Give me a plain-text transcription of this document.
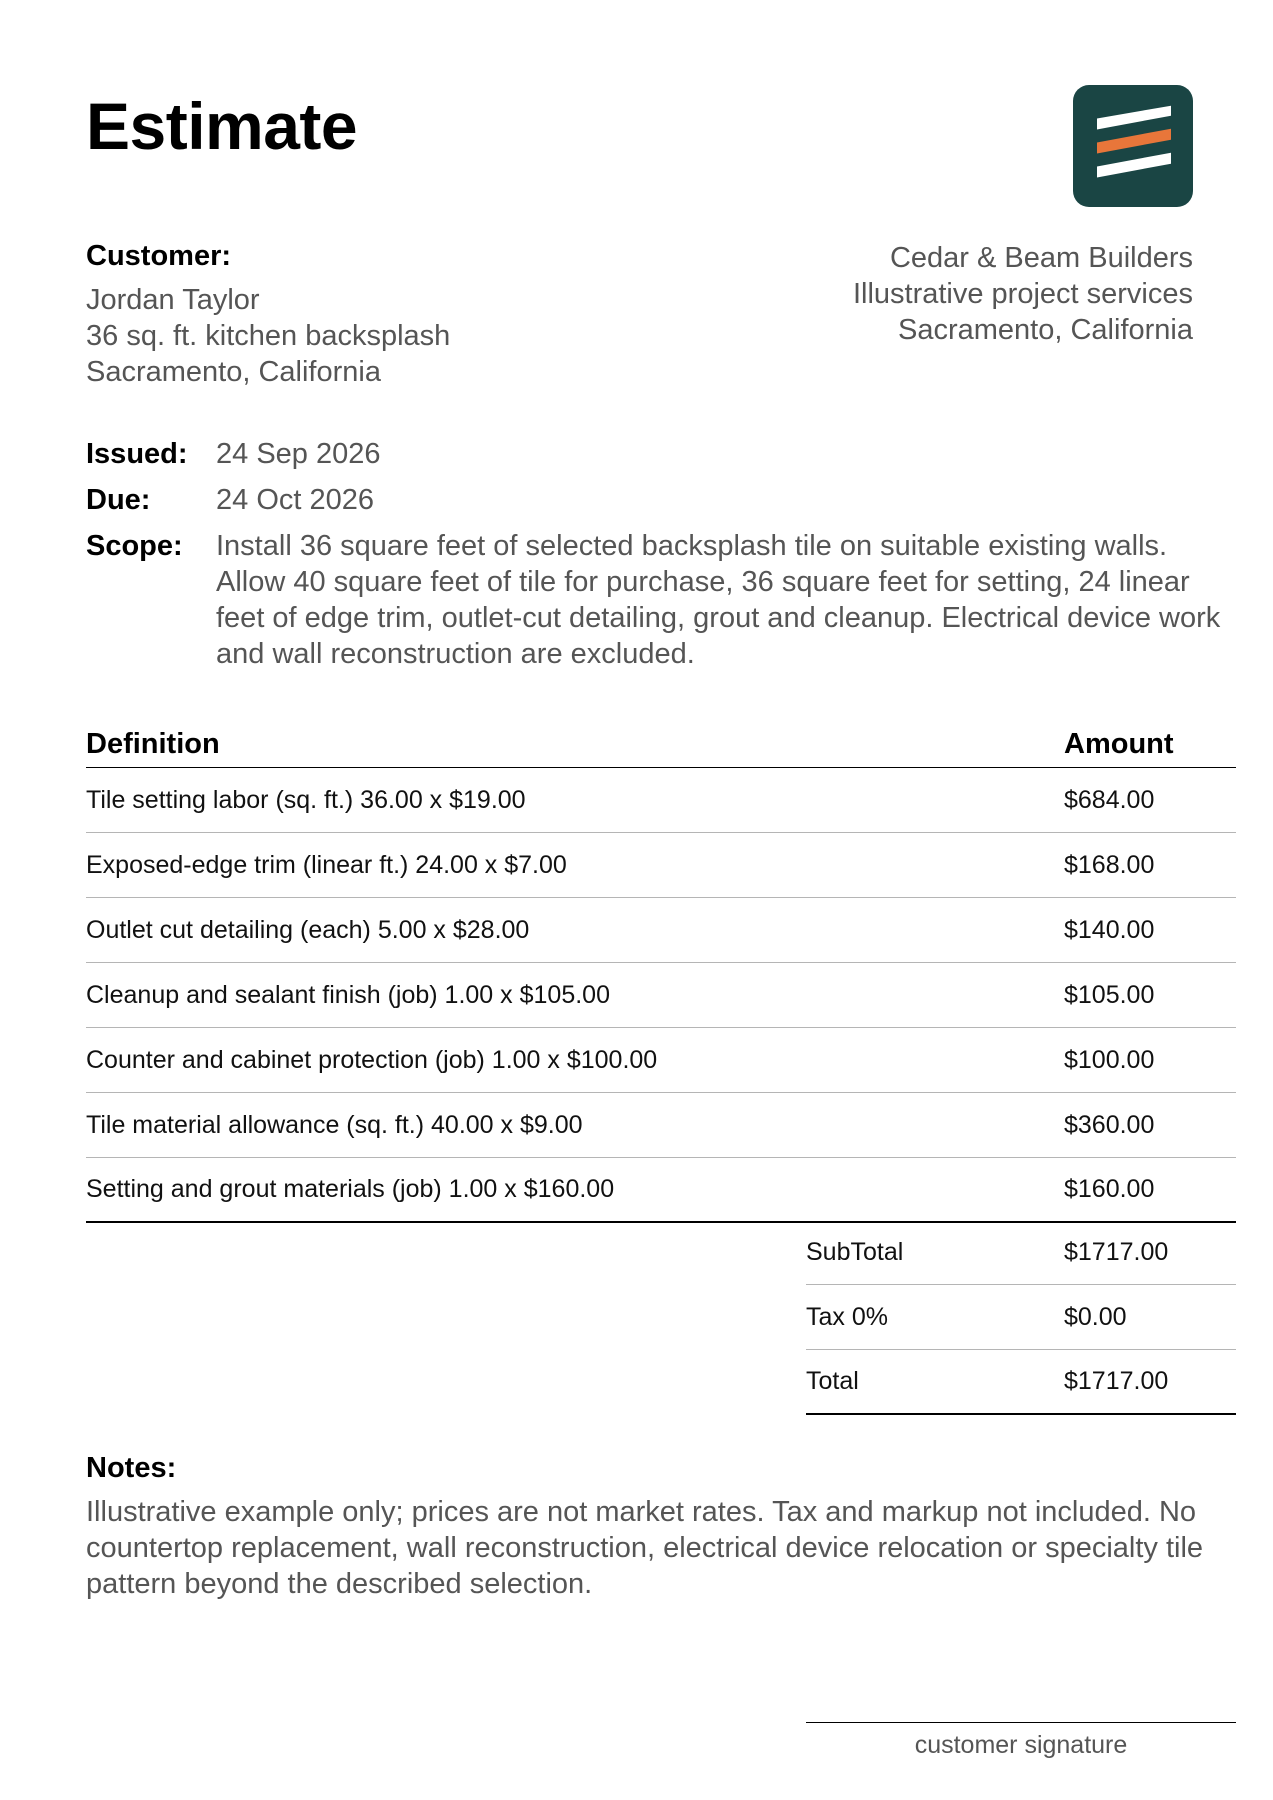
Estimate
Customer:
Jordan Taylor
36 sq. ft. kitchen backsplash
Sacramento, California
Cedar & Beam Builders
Illustrative project services
Sacramento, California
Issued: 24 Sep 2026
Due:	24 Oct 2026
Scope:	Install 36 square feet of selected backsplash tile on suitable existing walls. Allow 40 square feet of tile for purchase, 36 square feet for setting, 24 linear feet of edge trim, outlet-cut detailing, grout and cleanup. Electrical device work and wall reconstruction are excluded.
Definition	Amount
Tile setting labor (sq. ft.) 36.00 x $19.00	$684.00
Exposed-edge trim (linear ft.) 24.00 x $7.00	$168.00
Outlet cut detailing (each) 5.00 x $28.00	$140.00
Cleanup and sealant finish (job) 1.00 x $105.00	$105.00
Counter and cabinet protection (job) 1.00 x $100.00	$100.00
Tile material allowance (sq. ft.) 40.00 x $9.00	$360.00
Setting and grout materials (job) 1.00 x $160.00	$160.00
SubTotal	$1717.00
Tax 0%	$0.00
Total	$1717.00
Notes:
Illustrative example only; prices are not market rates. Tax and markup not included. No countertop replacement, wall reconstruction, electrical device relocation or specialty tile pattern beyond the described selection.
customer signature
